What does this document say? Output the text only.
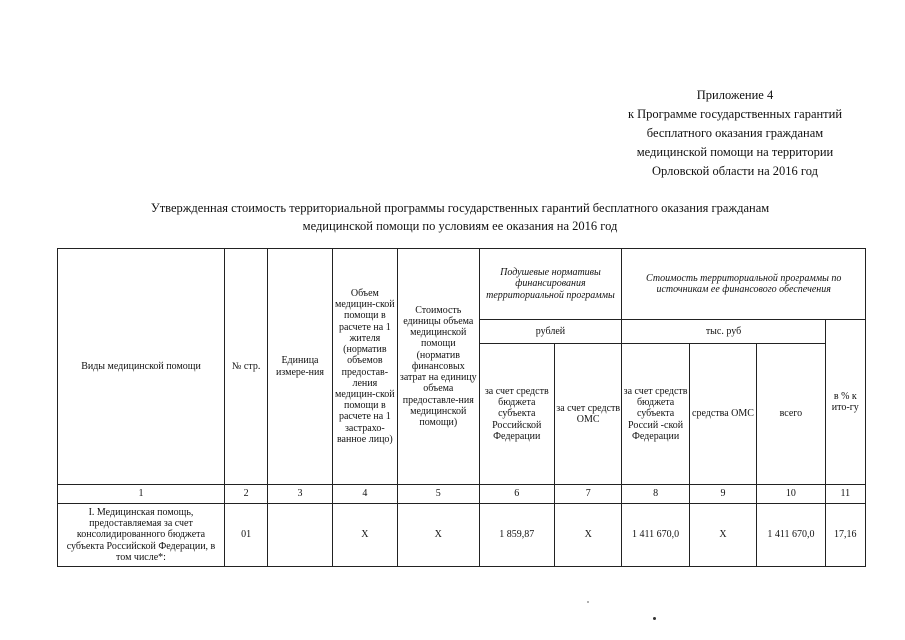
Приложение 4
к Программе государственных гарантий
бесплатного оказания гражданам
медицинской помощи на территории
Орловской области на 2016 год
Утвержденная стоимость территориальной программы государственных гарантий бесплатного оказания гражданам
медицинской помощи по условиям ее оказания на 2016 год
Виды медицинской помощи	№ стр.	Единица измере-ния	Объем медицин-ской помощи в расчете на 1 жителя (норматив объемов предостав-ления медицин-ской помощи в расчете на 1 застрахо-ванное лицо)	Стоимость единицы объема медицинской помощи (норматив финансовых затрат на единицу объема предоставле-ния медицинской помощи)	Подушевые нормативы финансирования территориальной программы		Стоимость территориальной программы по источникам ее финансового обеспечения			
					рублей		тыс. руб			в % к ито-гу
					за счет средств бюджета субъекта Российской Федерации	за счет средств ОМС	за счет средств бюджета субъекта Россий -ской Федерации	средства ОМС	всего	
1	2	3	4	5	6	7	8	9	10	11
I. Медицинская помощь, предоставляемая за счет консолидированного бюджета субъекта Российской Федерации, в том числе*:	01		Х	Х	1 859,87	Х	1 411 670,0	Х	1 411 670,0	17,16
